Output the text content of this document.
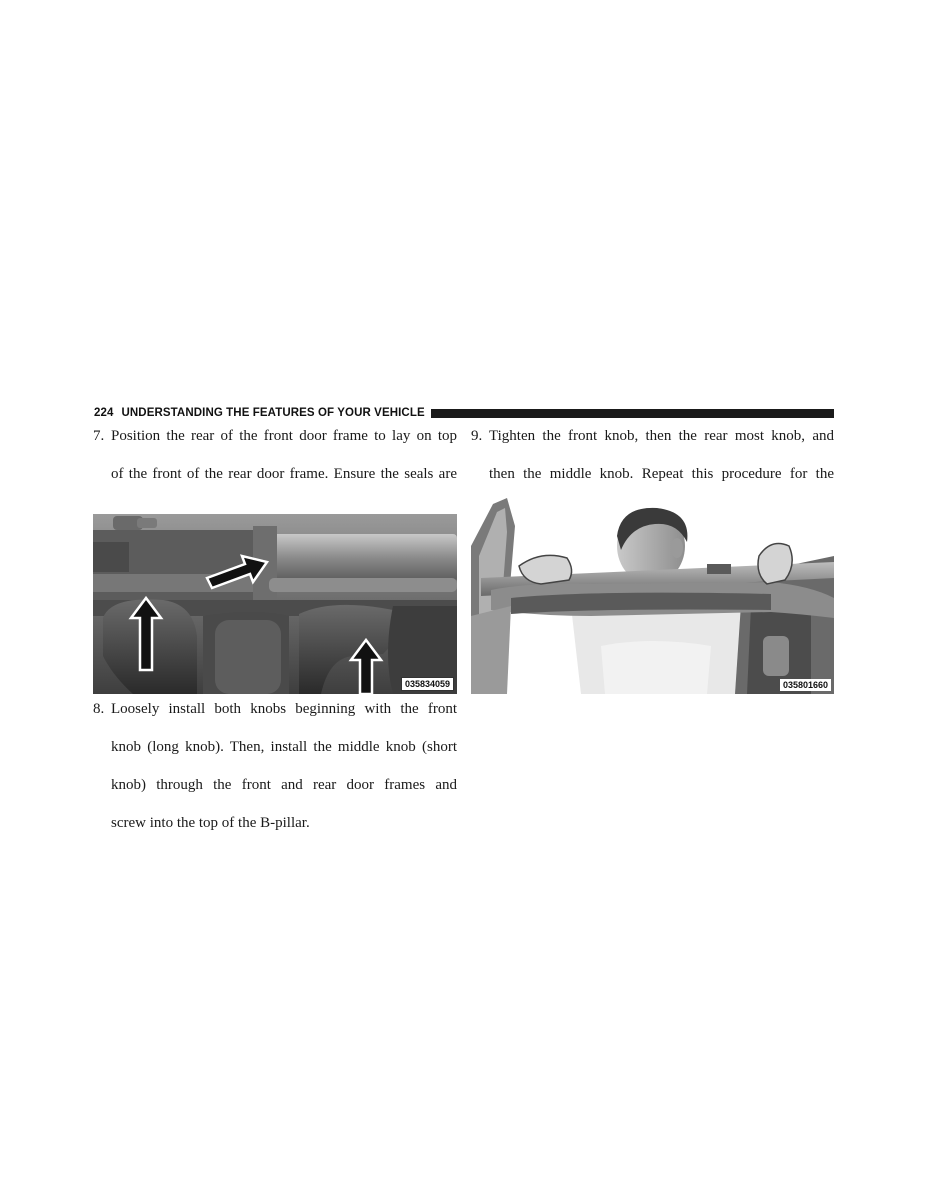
224 UNDERSTANDING THE FEATURES OF YOUR VEHICLE
7. Position the rear of the front door frame to lay on top
of the front of the rear door frame. Ensure the seals are
035834059
8. Loosely install both knobs beginning with the front
knob (long knob). Then, install the middle knob (short
knob) through the front and rear door frames and
screw into the top of the B-pillar.
9. Tighten the front knob, then the rear most knob, and
then the middle knob. Repeat this procedure for the
035801660
